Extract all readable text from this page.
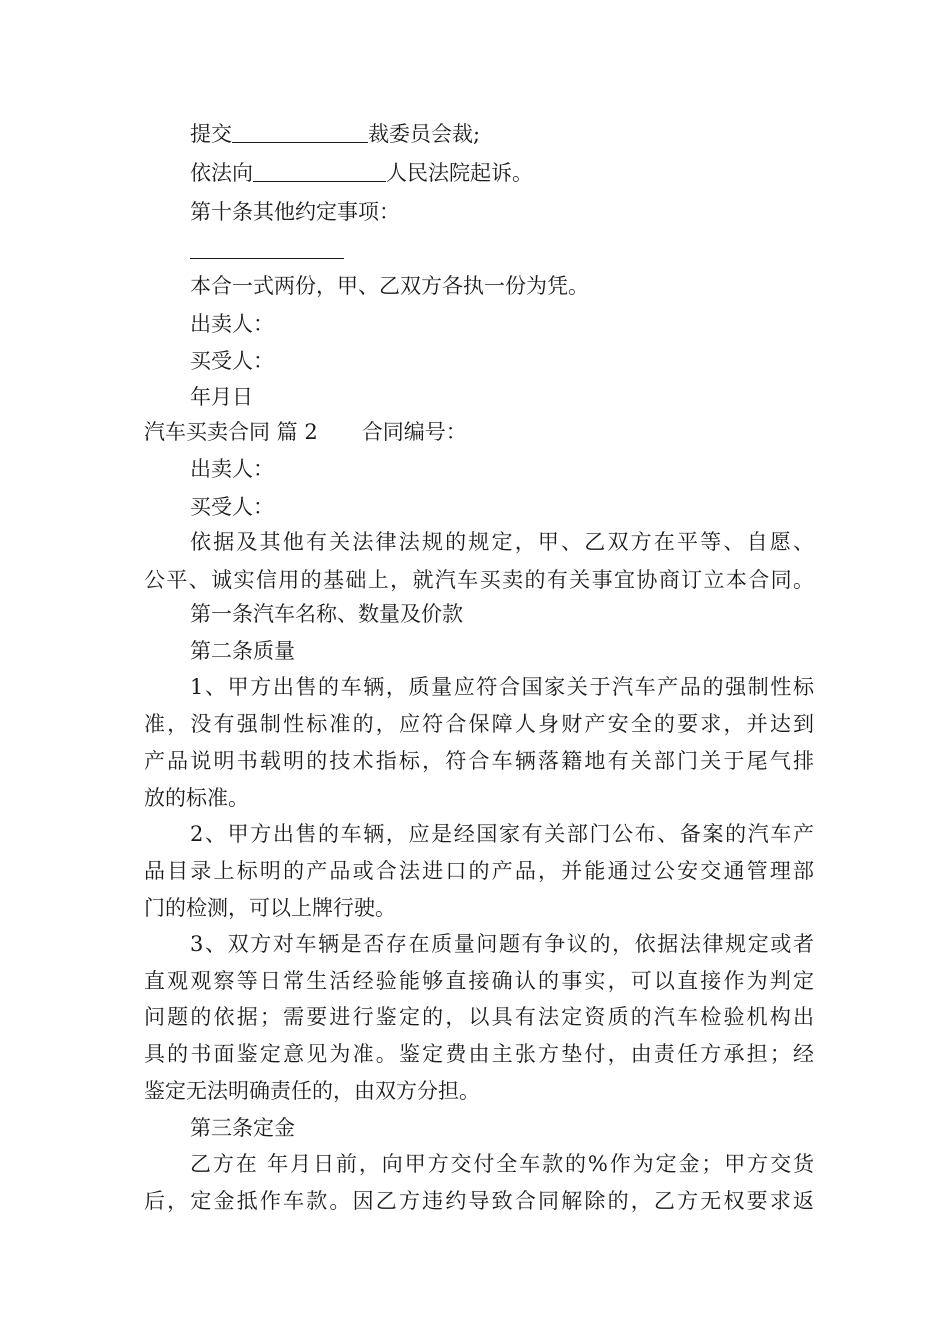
提交	裁委员会裁;
依法向	人民法院起诉。
第十条其他约定事项：
本合一式两份，甲、乙双方各执一份为凭。
出卖人：
买受人：
年月日
汽车买卖合同 篇 2 合同编号：
出卖人：
买受人：
依据及其他有关法律法规的规定，甲、乙双方在平等、自愿、
公平、诚实信用的基础上，就汽车买卖的有关事宜协商订立本合同。
第一条汽车名称、数量及价款
第二条质量
1、甲方出售的车辆，质量应符合国家关于汽车产品的强制性标
准，没有强制性标准的，应符合保障人身财产安全的要求，并达到
产品说明书载明的技术指标，符合车辆落籍地有关部门关于尾气排
放的标准。
2、甲方出售的车辆，应是经国家有关部门公布、备案的汽车产
品目录上标明的产品或合法进口的产品，并能通过公安交通管理部
门的检测，可以上牌行驶。
3、双方对车辆是否存在质量问题有争议的，依据法律规定或者
直观观察等日常生活经验能够直接确认的事实，可以直接作为判定
问题的依据；需要进行鉴定的，以具有法定资质的汽车检验机构出
具的书面鉴定意见为准。鉴定费由主张方垫付，由责任方承担；经
鉴定无法明确责任的，由双方分担。
第三条定金
乙方在 年月日前，向甲方交付全车款的%作为定金；甲方交货
后，定金抵作车款。因乙方违约导致合同解除的，乙方无权要求返
